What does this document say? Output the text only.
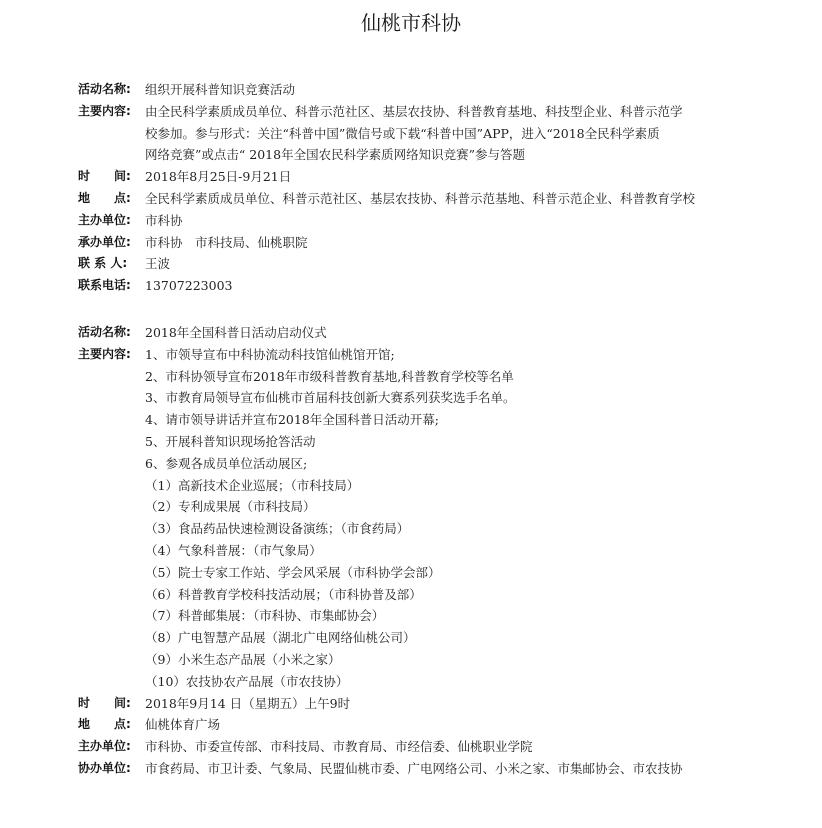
仙桃市科协
活动名称:	组织开展科普知识竞赛活动
主要内容:	由全民科学素质成员单位、科普示范社区、基层农技协、科普教育基地、科技型企业、科普示范学
校参加。参与形式：关注“科普中国”微信号或下载“科普中国”APP，进入“2018全民科学素质
网络竞赛”或点击“ 2018年全国农民科学素质网络知识竞赛”参与答题
时　　间:	2018年8月25日-9月21日
地　　点:	全民科学素质成员单位、科普示范社区、基层农技协、科普示范基地、科普示范企业、科普教育学校
主办单位:	市科协
承办单位:	市科协　市科技局、仙桃职院
联 系 人:	王波
联系电话:	13707223003
活动名称:	2018年全国科普日活动启动仪式
主要内容:	1、市领导宣布中科协流动科技馆仙桃馆开馆;
2、市科协领导宣布2018年市级科普教育基地,科普教育学校等名单
3、市教育局领导宣布仙桃市首届科技创新大赛系列获奖选手名单。
4、请市领导讲话并宣布2018年全国科普日活动开幕;
5、开展科普知识现场抢答活动
6、参观各成员单位活动展区;
（1）高新技术企业巡展；（市科技局）
（2）专利成果展（市科技局）
（3）食品药品快速检测设备演练；（市食药局）
（4）气象科普展：（市气象局）
（5）院士专家工作站、学会风采展（市科协学会部）
（6）科普教育学校科技活动展；（市科协普及部）
（7）科普邮集展：（市科协、市集邮协会）
（8）广电智慧产品展（湖北广电网络仙桃公司）
（9）小米生态产品展（小米之家）
（10）农技协农产品展（市农技协）
时　　间:	2018年9月14 日（星期五）上午9时
地　　点:	仙桃体育广场
主办单位:	市科协、市委宣传部、市科技局、市教育局、市经信委、仙桃职业学院
协办单位:	市食药局、市卫计委、气象局、民盟仙桃市委、广电网络公司、小米之家、市集邮协会、市农技协
